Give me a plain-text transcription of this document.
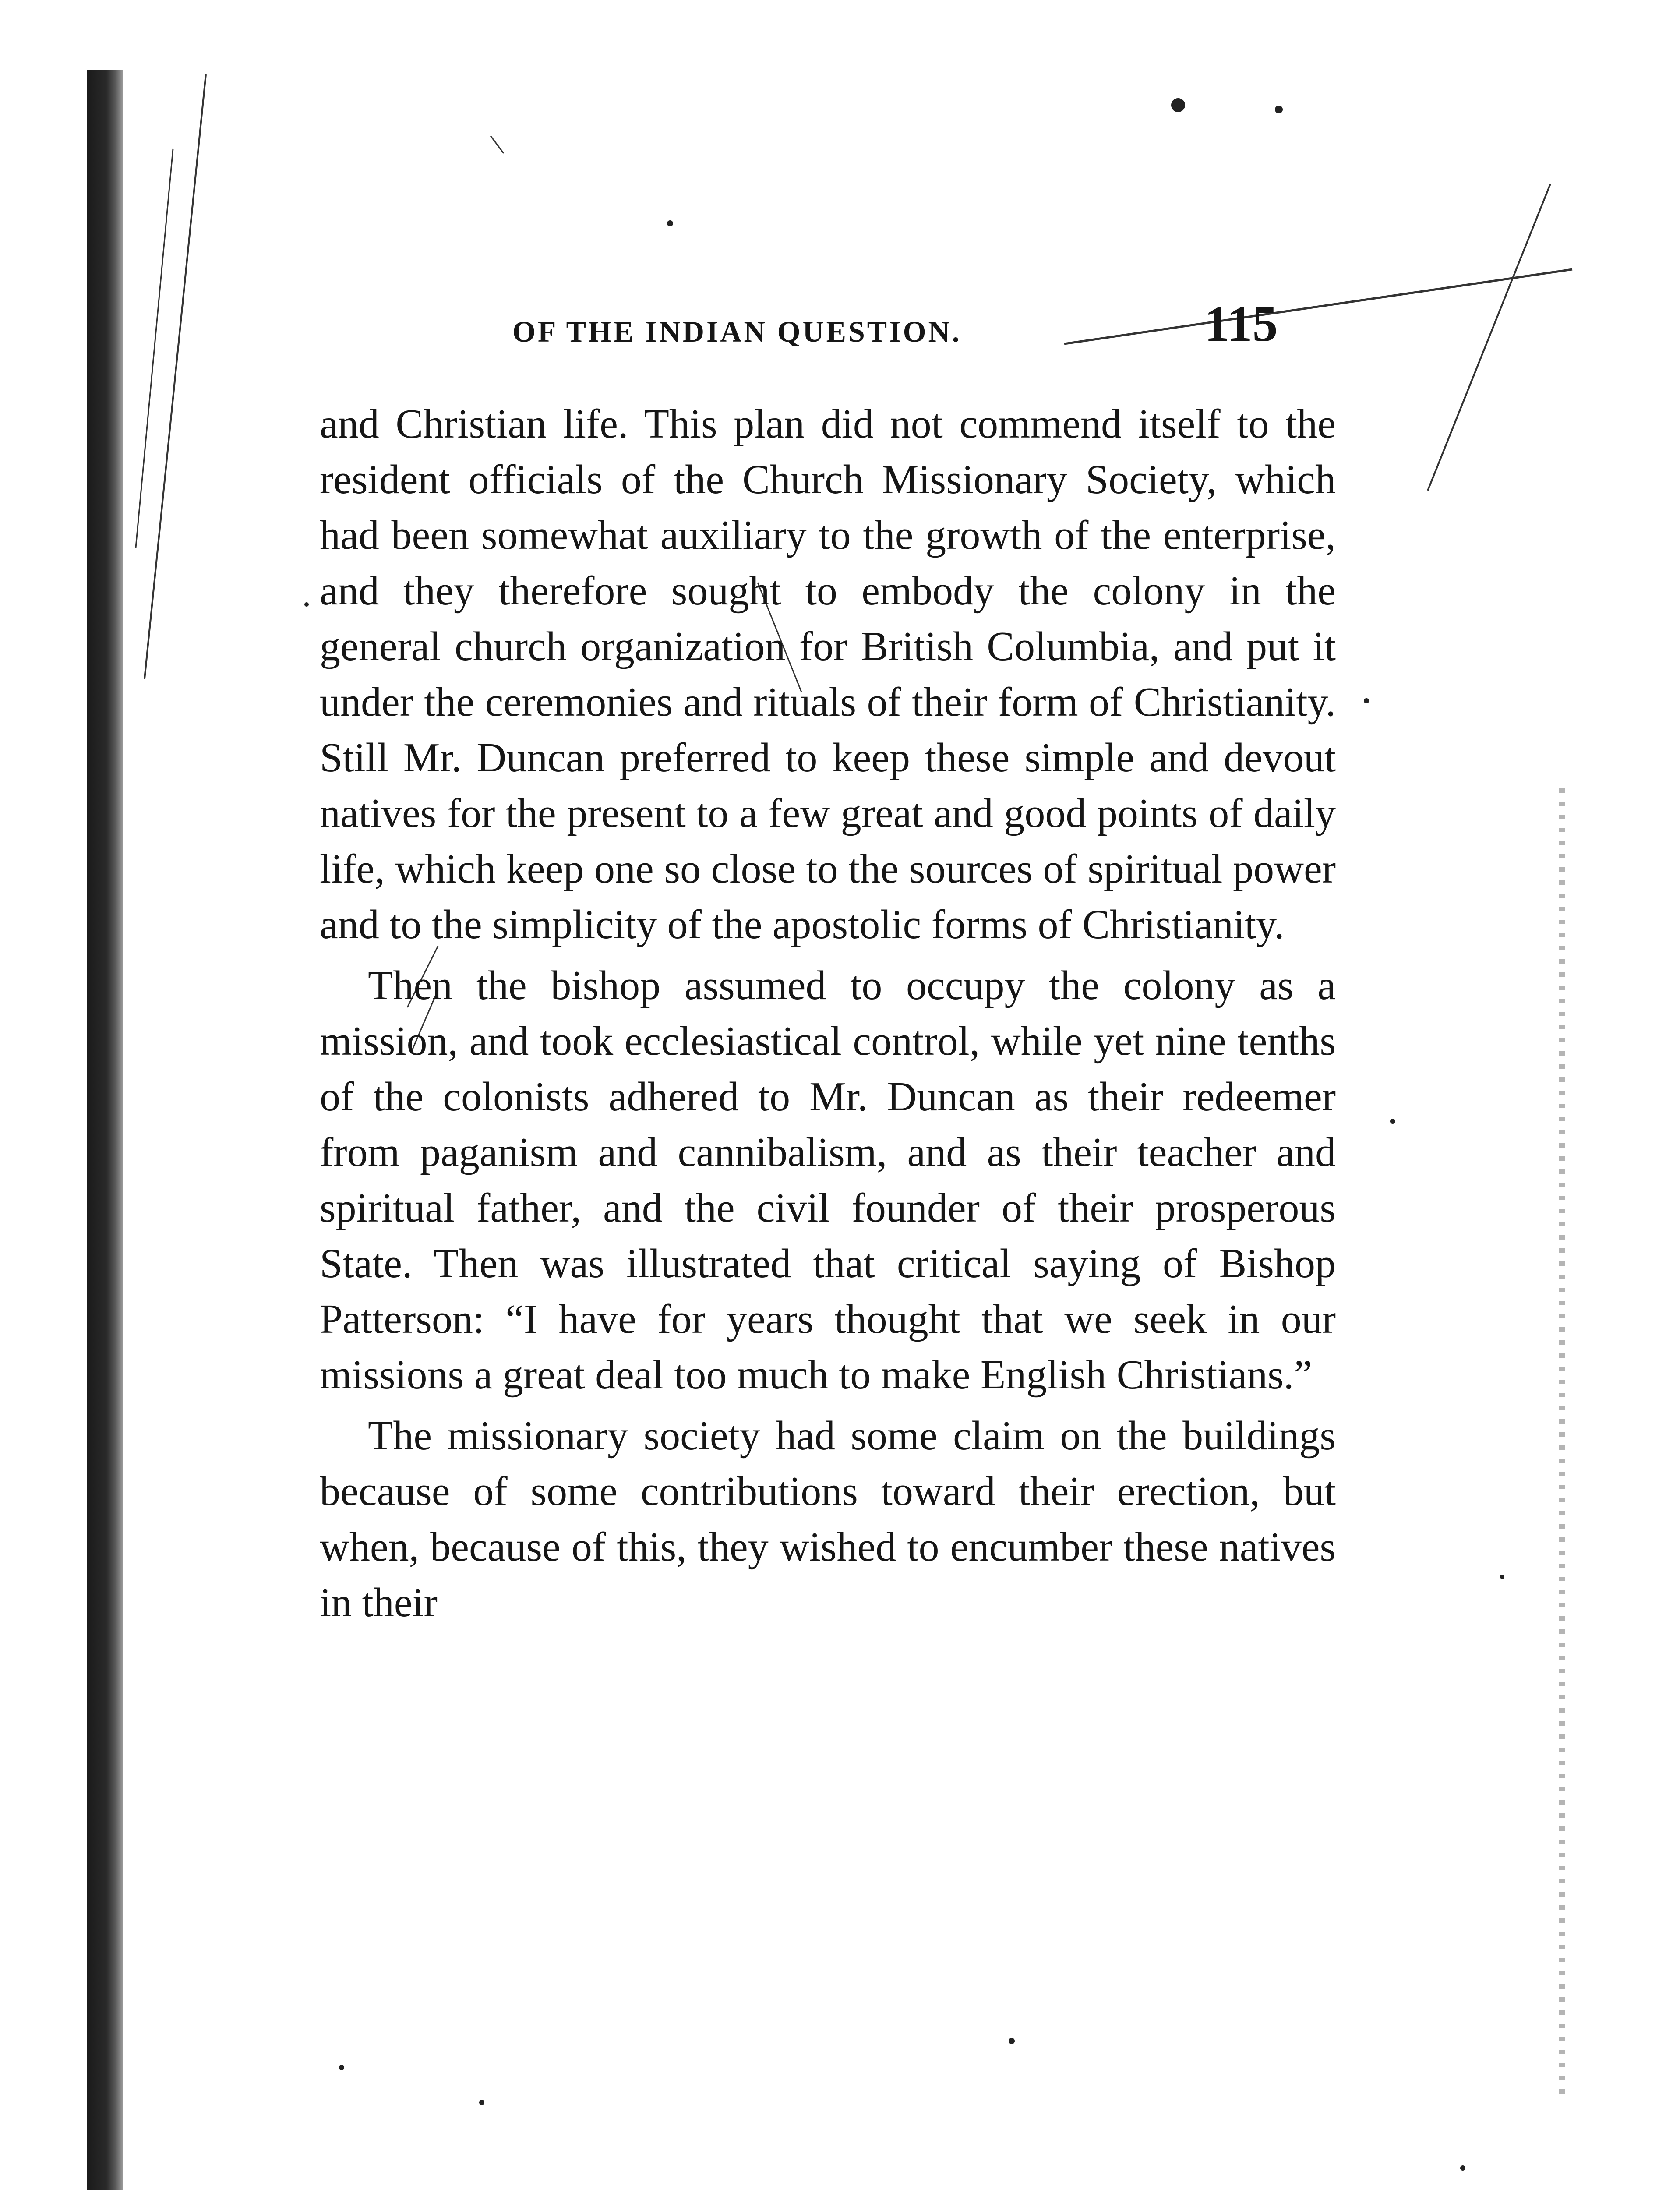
OF THE INDIAN QUESTION.	115

and Christian life. This plan did not commend itself to the resident officials of the Church Missionary Society, which had been somewhat auxiliary to the growth of the enterprise, and they therefore sought to embody the colony in the general church organization for British Columbia, and put it under the ceremonies and rituals of their form of Christianity. Still Mr. Duncan preferred to keep these simple and devout natives for the present to a few great and good points of daily life, which keep one so close to the sources of spiritual power and to the simplicity of the apostolic forms of Christianity.

Then the bishop assumed to occupy the colony as a mission, and took ecclesiastical control, while yet nine tenths of the colonists adhered to Mr. Duncan as their redeemer from paganism and cannibalism, and as their teacher and spiritual father, and the civil founder of their prosperous State. Then was illustrated that critical saying of Bishop Patterson: “I have for years thought that we seek in our missions a great deal too much to make English Christians.”

The missionary society had some claim on the buildings because of some contributions toward their erection, but when, because of this, they wished to encumber these natives in their
